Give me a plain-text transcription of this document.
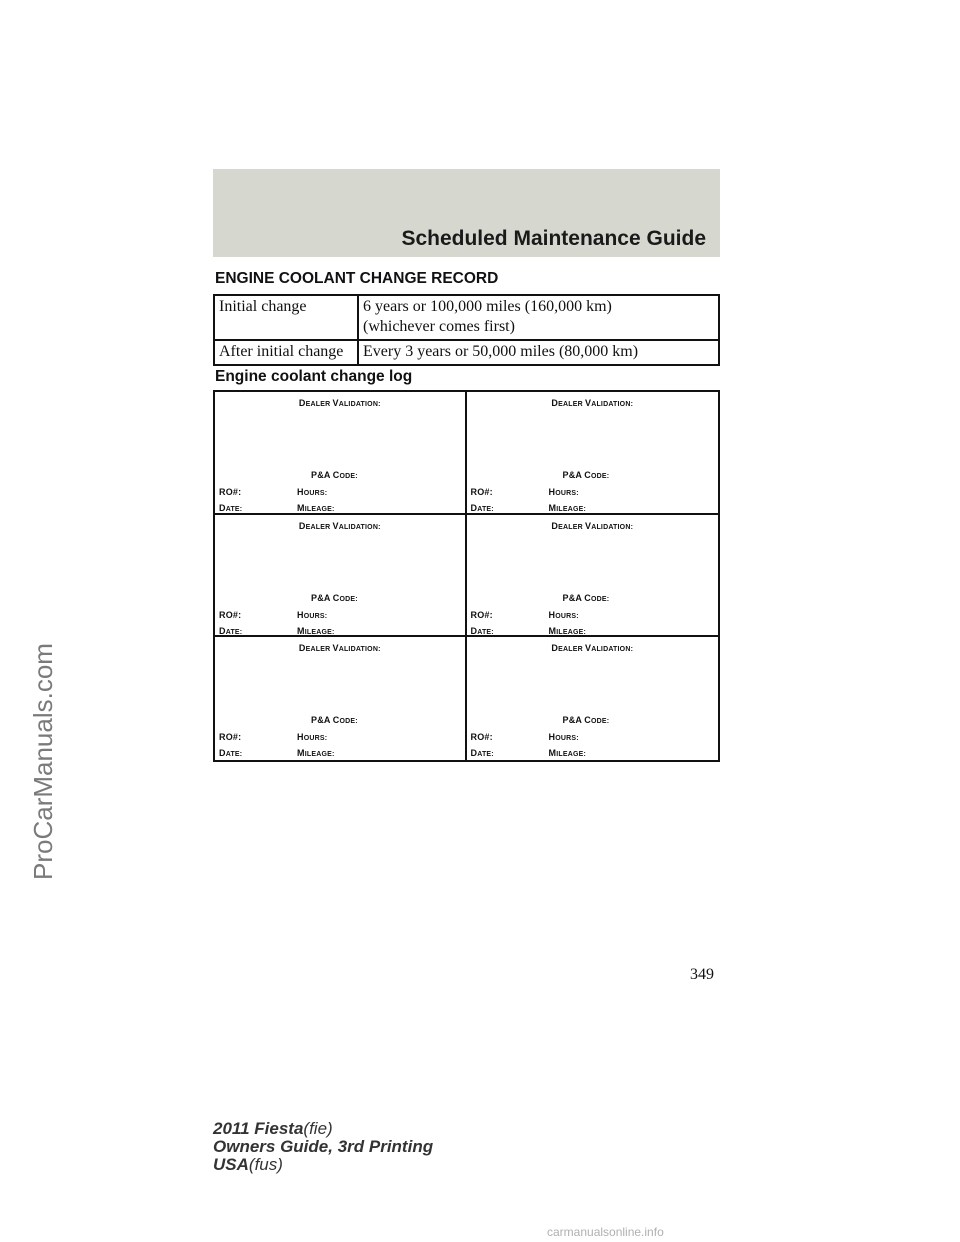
Scheduled Maintenance Guide
ENGINE COOLANT CHANGE RECORD
Initial change	6 years or 100,000 miles (160,000 km)
(whichever comes first)

After initial change	Every 3 years or 50,000 miles (80,000 km)
Engine coolant change log
DEALER VALIDATION:
P&A CODE:
RO#:	HOURS:
DATE:	MILEAGE:
DEALER VALIDATION:
P&A CODE:
RO#:	HOURS:
DATE:	MILEAGE:
DEALER VALIDATION:
P&A CODE:
RO#:	HOURS:
DATE:	MILEAGE:
DEALER VALIDATION:
P&A CODE:
RO#:	HOURS:
DATE:	MILEAGE:
DEALER VALIDATION:
P&A CODE:
RO#:	HOURS:
DATE:	MILEAGE:
DEALER VALIDATION:
P&A CODE:
RO#:	HOURS:
DATE:	MILEAGE:
349
2011 Fiesta(fie)
Owners Guide, 3rd Printing
USA(fus)
ProCarManuals.com
carmanualsonline.info
